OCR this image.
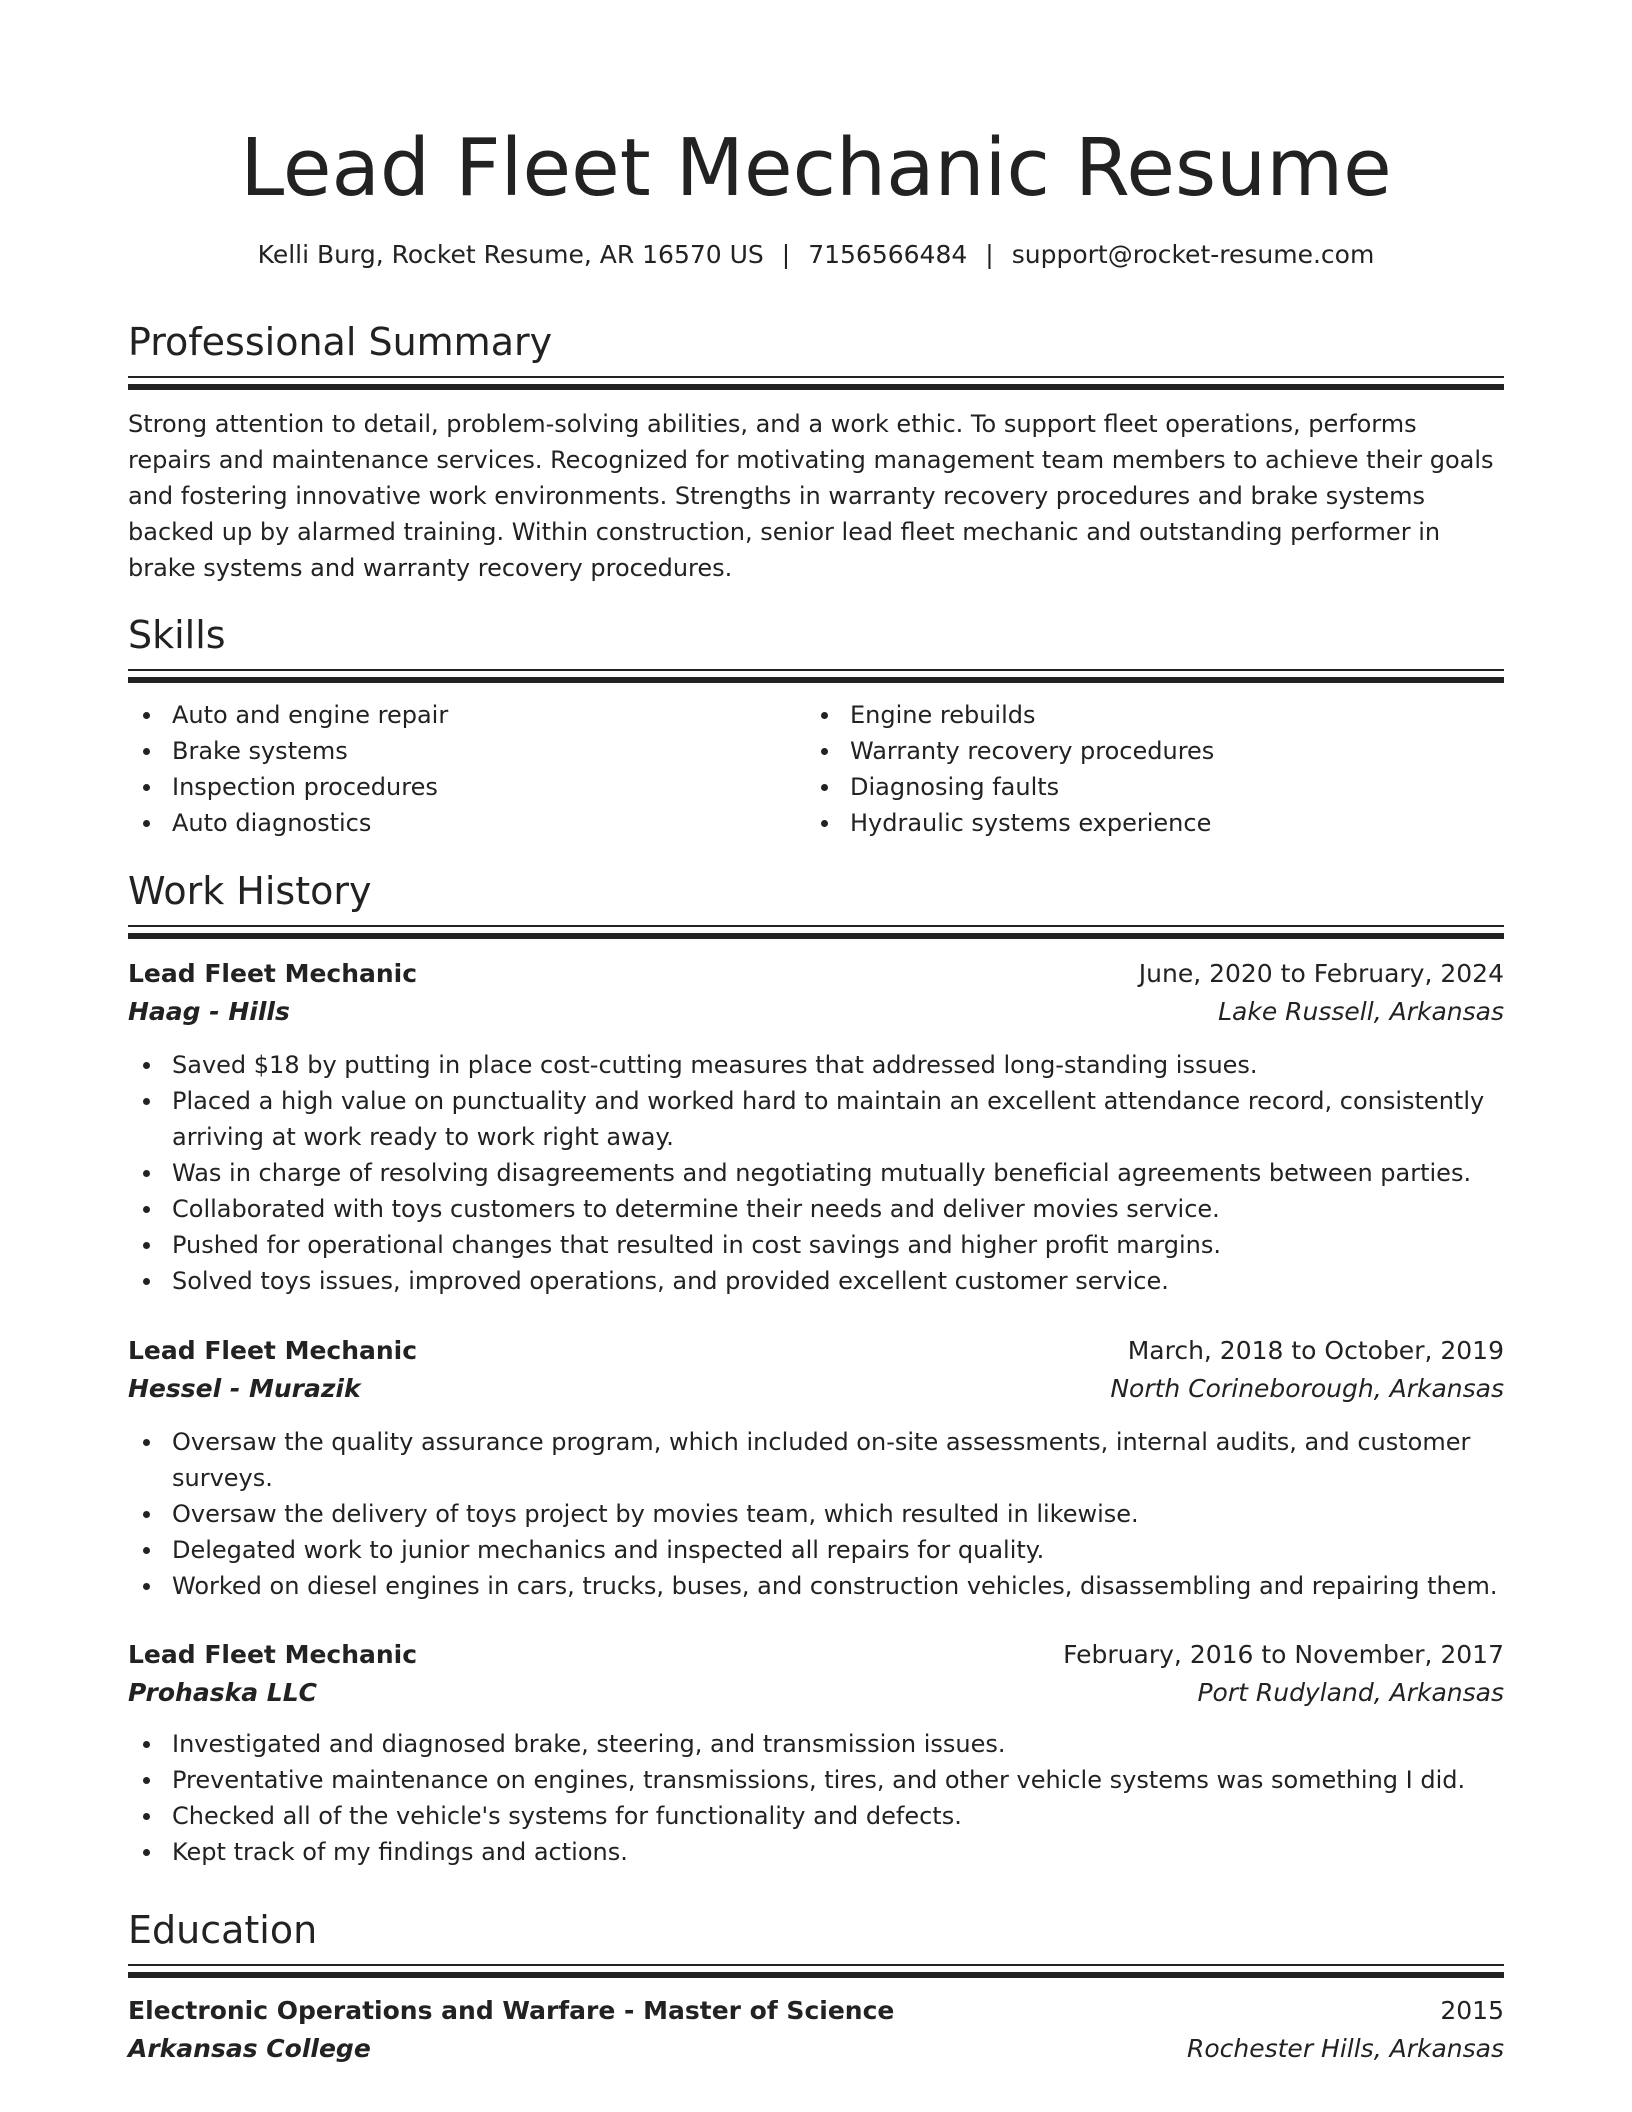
Lead Fleet Mechanic Resume
Kelli Burg, Rocket Resume, AR 16570 US | 7156566484 | support@rocket-resume.com
Professional Summary

Strong attention to detail, problem-solving abilities, and a work ethic. To support fleet operations, performs repairs and maintenance services. Recognized for motivating management team members to achieve their goals and fostering innovative work environments. Strengths in warranty recovery procedures and brake systems backed up by alarmed training. Within construction, senior lead fleet mechanic and outstanding performer in brake systems and warranty recovery procedures.

Skills
Auto and engine repair
Brake systems
Inspection procedures
Auto diagnostics
Engine rebuilds
Warranty recovery procedures
Diagnosing faults
Hydraulic systems experience
Work History
Lead Fleet Mechanic	June, 2020 to February, 2024
Haag - Hills	Lake Russell, Arkansas
Saved $18 by putting in place cost-cutting measures that addressed long-standing issues.
Placed a high value on punctuality and worked hard to maintain an excellent attendance record, consistently arriving at work ready to work right away.
Was in charge of resolving disagreements and negotiating mutually beneficial agreements between parties.
Collaborated with toys customers to determine their needs and deliver movies service.
Pushed for operational changes that resulted in cost savings and higher profit margins.
Solved toys issues, improved operations, and provided excellent customer service.
Lead Fleet Mechanic	March, 2018 to October, 2019
Hessel - Murazik	North Corineborough, Arkansas
Oversaw the quality assurance program, which included on-site assessments, internal audits, and customer surveys.
Oversaw the delivery of toys project by movies team, which resulted in likewise.
Delegated work to junior mechanics and inspected all repairs for quality.
Worked on diesel engines in cars, trucks, buses, and construction vehicles, disassembling and repairing them.
Lead Fleet Mechanic	February, 2016 to November, 2017
Prohaska LLC	Port Rudyland, Arkansas
Investigated and diagnosed brake, steering, and transmission issues.
Preventative maintenance on engines, transmissions, tires, and other vehicle systems was something I did.
Checked all of the vehicle's systems for functionality and defects.
Kept track of my findings and actions.
Education
Electronic Operations and Warfare - Master of Science	2015
Arkansas College	Rochester Hills, Arkansas
